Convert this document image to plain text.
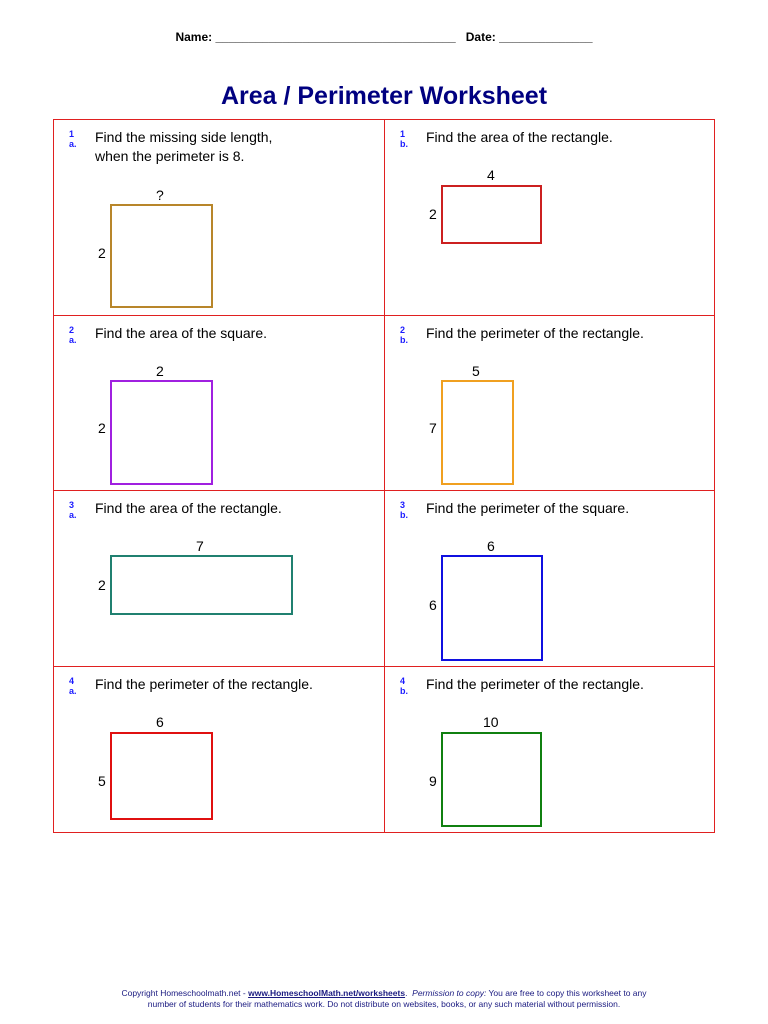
Name: ____________________________________ Date: ______________
Area / Perimeter Worksheet
1 a. Find the missing side length,
when the perimeter is 8.
?
2
1 b. Find the area of the rectangle.
4
2
2 a. Find the area of the square.
2
2
2 b. Find the perimeter of the rectangle.
5
7
3 a. Find the area of the rectangle.
7
2
3 b. Find the perimeter of the square.
6
6
4 a. Find the perimeter of the rectangle.
6
5
4 b. Find the perimeter of the rectangle.
10
9
Copyright Homeschoolmath.net - www.HomeschoolMath.net/worksheets.  Permission to copy: You are free to copy this worksheet to any
number of students for their mathematics work. Do not distribute on websites, books, or any such material without permission.
